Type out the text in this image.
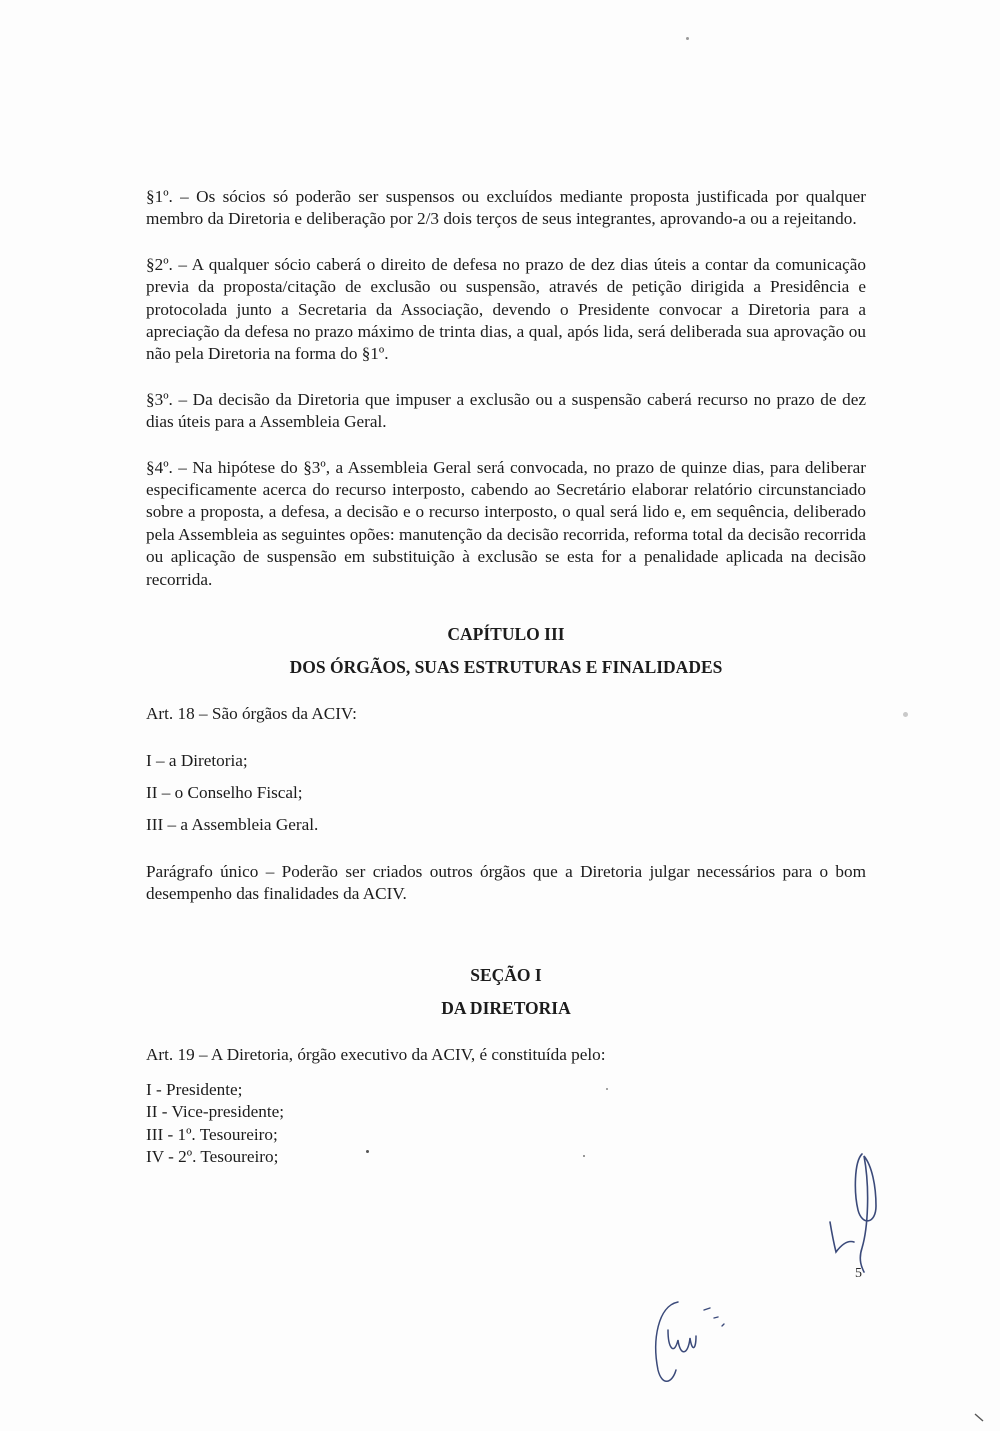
§1º. – Os sócios só poderão ser suspensos ou excluídos mediante proposta justificada por qualquer membro da Diretoria e deliberação por 2/3 dois terços de seus integrantes, aprovando-a ou a rejeitando.

§2º. – A qualquer sócio caberá o direito de defesa no prazo de dez dias úteis a contar da comunicação previa da proposta/citação de exclusão ou suspensão, através de petição dirigida a Presidência e protocolada junto a Secretaria da Associação, devendo o Presidente convocar a Diretoria para a apreciação da defesa no prazo máximo de trinta dias, a qual, após lida, será deliberada sua aprovação ou não pela Diretoria na forma do §1º.

§3º. – Da decisão da Diretoria que impuser a exclusão ou a suspensão caberá recurso no prazo de dez dias úteis para a Assembleia Geral.

§4º. – Na hipótese do §3º, a Assembleia Geral será convocada, no prazo de quinze dias, para deliberar especificamente acerca do recurso interposto, cabendo ao Secretário elaborar relatório circunstanciado sobre a proposta, a defesa, a decisão e o recurso interposto, o qual será lido e, em sequência, deliberado pela Assembleia as seguintes opões: manutenção da decisão recorrida, reforma total da decisão recorrida ou aplicação de suspensão em substituição à exclusão se esta for a penalidade aplicada na decisão recorrida.

CAPÍTULO III

DOS ÓRGÃOS, SUAS ESTRUTURAS E FINALIDADES

Art. 18 – São órgãos da ACIV:

I – a Diretoria;

II – o Conselho Fiscal;

III – a Assembleia Geral.

Parágrafo único – Poderão ser criados outros órgãos que a Diretoria julgar necessários para o bom desempenho das finalidades da ACIV.

SEÇÃO I

DA DIRETORIA

Art. 19 – A Diretoria, órgão executivo da ACIV, é constituída pelo:

I - Presidente;

II - Vice-presidente;

III - 1º. Tesoureiro;

IV - 2º. Tesoureiro;

5
